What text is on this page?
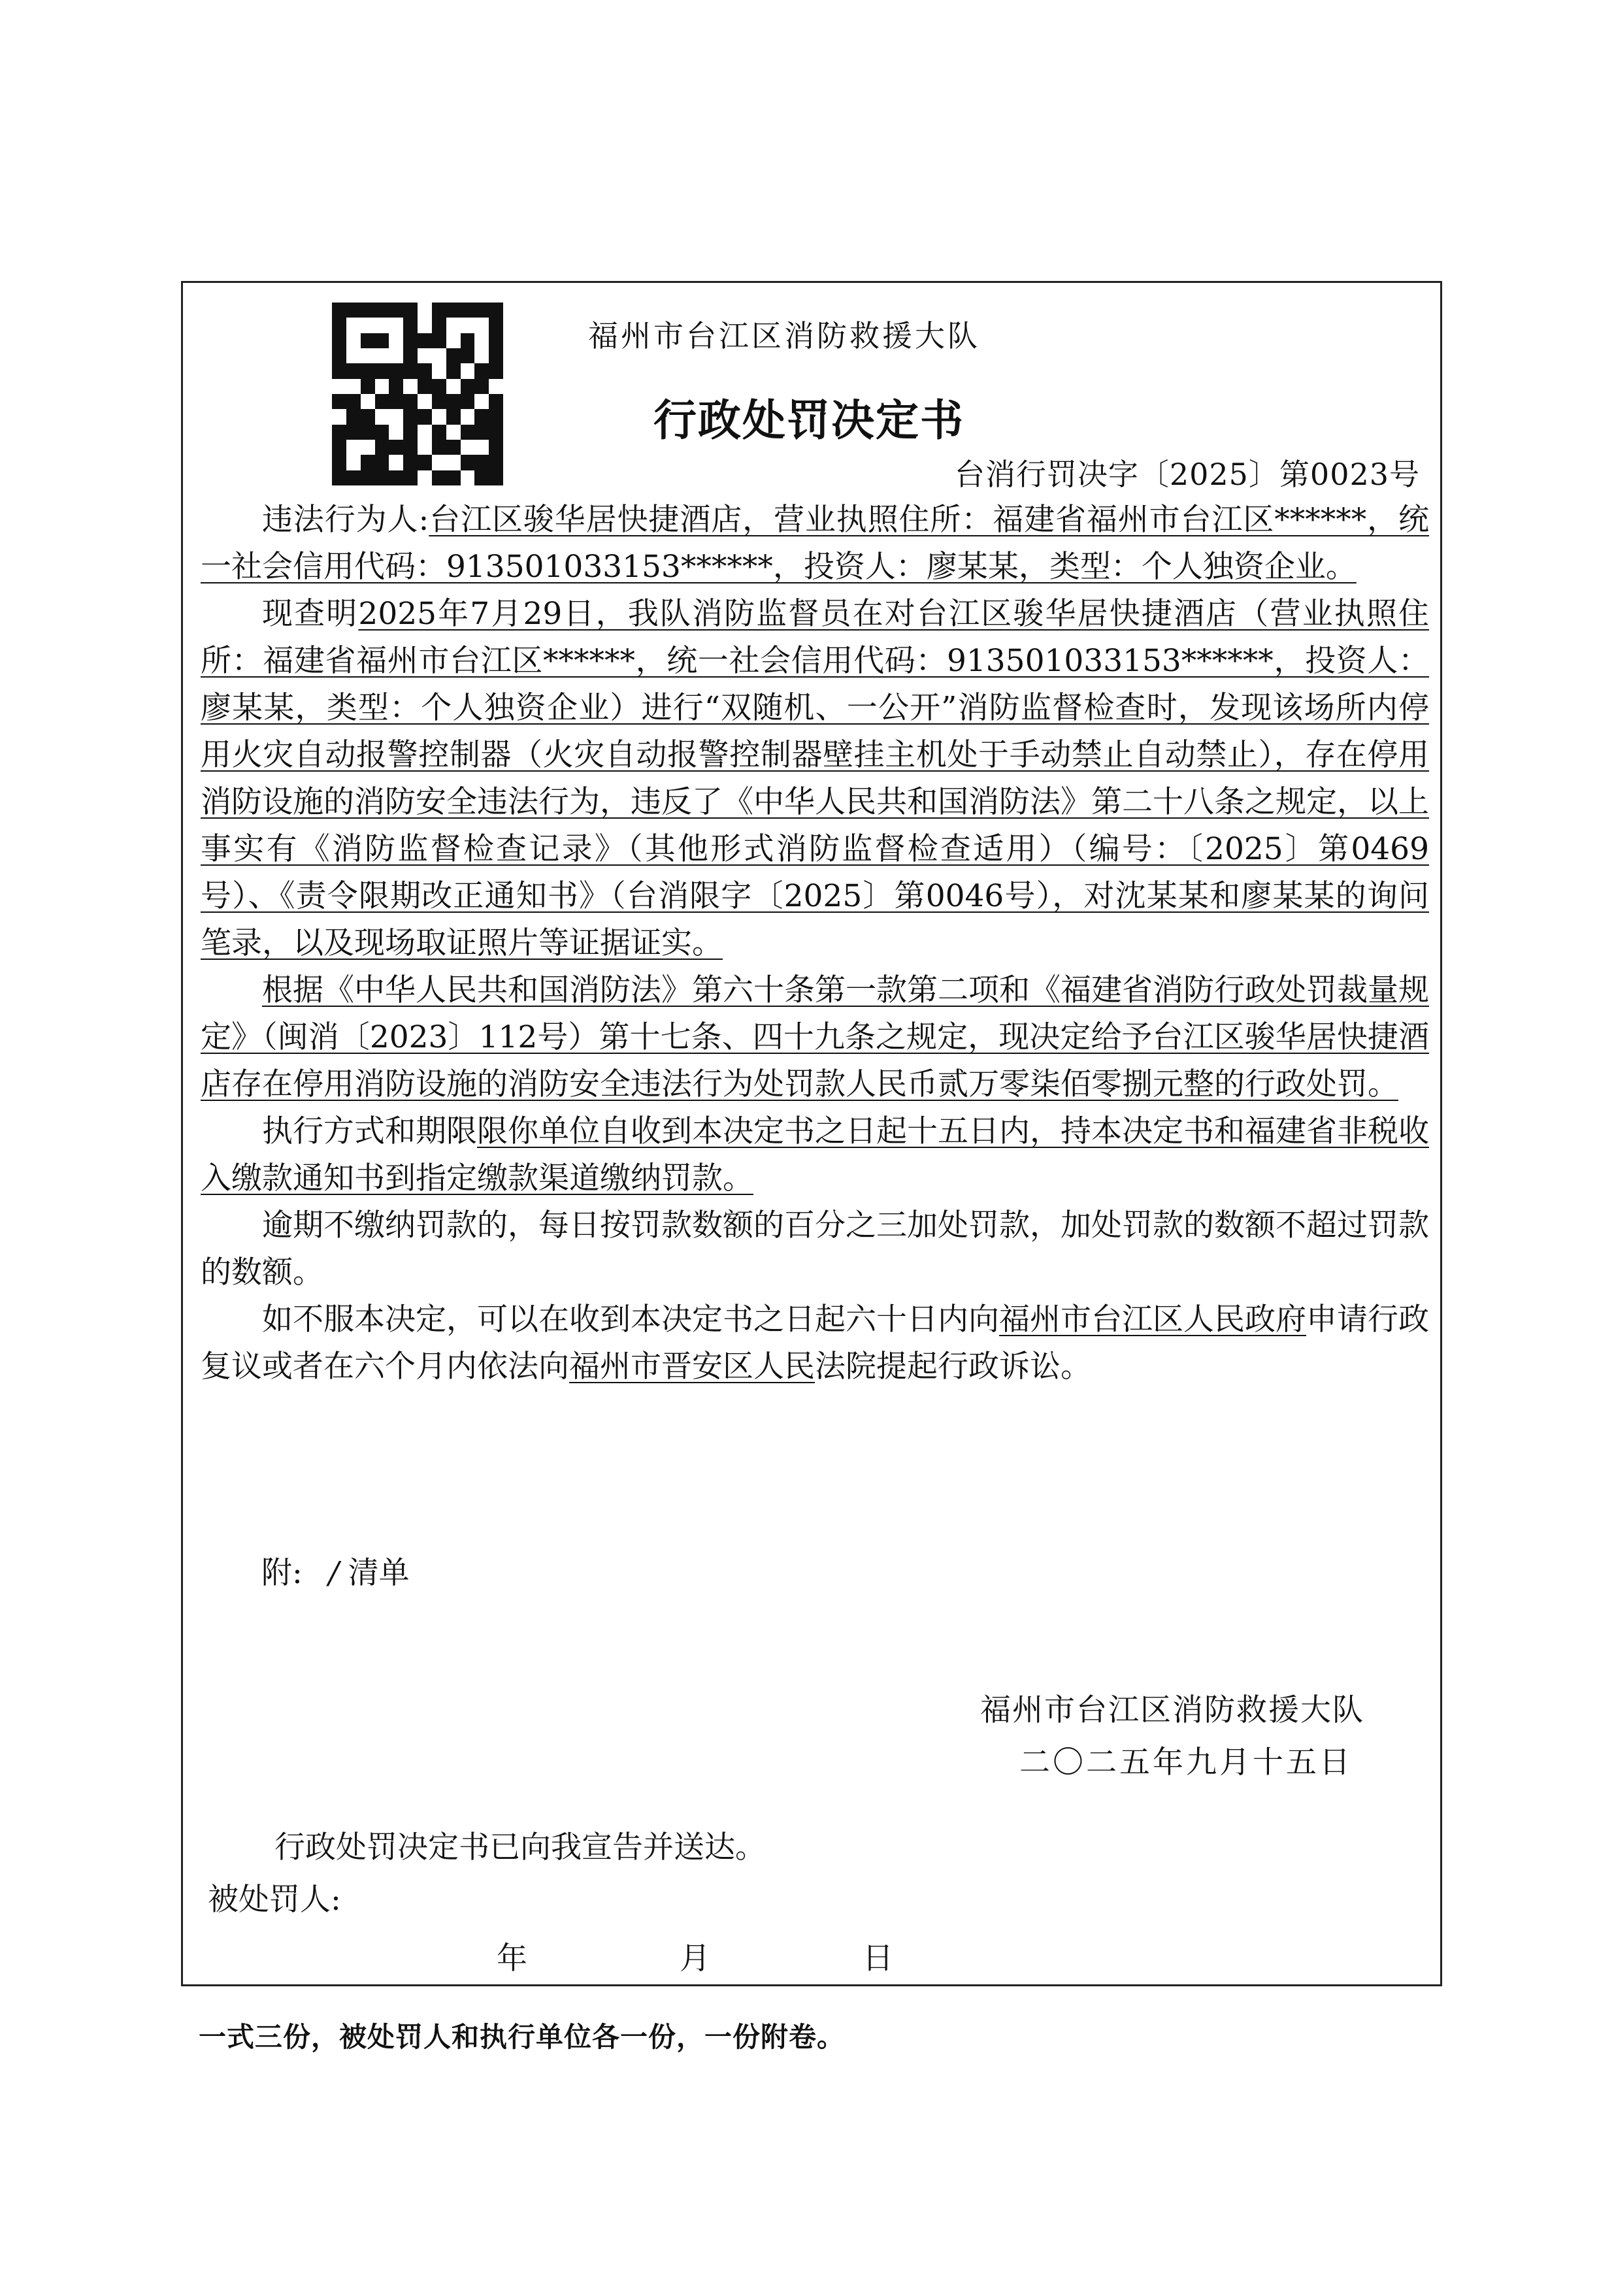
福州市台江区消防救援大队
行政处罚决定书
台消行罚决字〔2025〕第0023号

违法行为人:台江区骏华居快捷酒店，营业执照住所：福建省福州市台江区******，统一社会信用代码：913501033153******，投资人：廖某某，类型：个人独资企业。

现查明2025年7月29日，我队消防监督员在对台江区骏华居快捷酒店（营业执照住所：福建省福州市台江区******，统一社会信用代码：913501033153******，投资人：廖某某，类型：个人独资企业）进行“双随机、一公开”消防监督检查时，发现该场所内停用火灾自动报警控制器（火灾自动报警控制器壁挂主机处于手动禁止自动禁止），存在停用消防设施的消防安全违法行为，违反了《中华人民共和国消防法》第二十八条之规定，以上事实有《消防监督检查记录》（其他形式消防监督检查适用）（编号：〔2025〕第0469号）、《责令限期改正通知书》（台消限字〔2025〕第0046号），对沈某某和廖某某的询问笔录，以及现场取证照片等证据证实。

根据《中华人民共和国消防法》第六十条第一款第二项和《福建省消防行政处罚裁量规定》（闽消〔2023〕112号）第十七条、四十九条之规定，现决定给予台江区骏华居快捷酒店存在停用消防设施的消防安全违法行为处罚款人民币贰万零柒佰零捌元整的行政处罚。

执行方式和期限限你单位自收到本决定书之日起十五日内，持本决定书和福建省非税收入缴款通知书到指定缴款渠道缴纳罚款。

逾期不缴纳罚款的，每日按罚款数额的百分之三加处罚款，加处罚款的数额不超过罚款的数额。

如不服本决定，可以在收到本决定书之日起六十日内向福州市台江区人民政府申请行政复议或者在六个月内依法向福州市晋安区人民法院提起行政诉讼。

附: / 清单
福州市台江区消防救援大队
二〇二五年九月十五日
行政处罚决定书已向我宣告并送达。
被处罚人:
年	月	日
一式三份，被处罚人和执行单位各一份，一份附卷。
